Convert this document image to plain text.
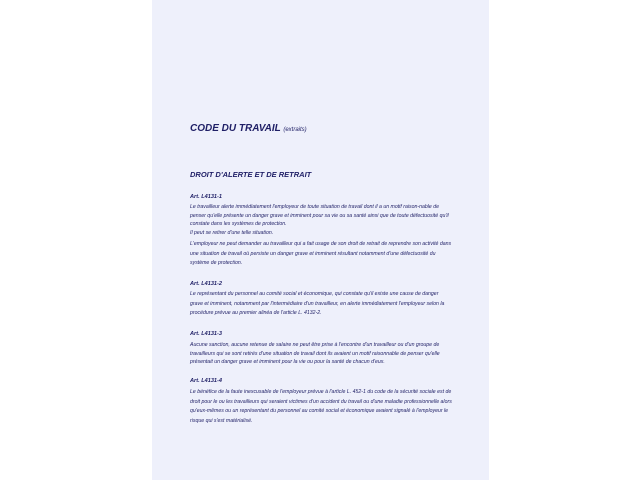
CODE DU TRAVAIL (extraits)
DROIT D'ALERTE ET DE RETRAIT
Art. L4131-1
Le travailleur alerte immédiatement l'employeur de toute situation de travail dont il a un motif raison-nable de penser qu'elle présente un danger grave et imminent pour sa vie ou sa santé ainsi que de toute défectuosité qu'il constate dans les systèmes de protection.
Il peut se retirer d'une telle situation.
L'employeur ne peut demander au travailleur qui a fait usage de son droit de retrait de reprendre son activité dans une situation de travail où persiste un danger grave et imminent résultant notamment d'une défectuosité du système de protection.
Art. L4131-2
Le représentant du personnel au comité social et économique, qui constate qu'il existe une cause de danger grave et imminent, notamment par l'intermédiaire d'un travailleur, en alerte immédiatement l'employeur selon la procédure prévue au premier alinéa de l'article L. 4132-2.
Art. L4131-3
Aucune sanction, aucune retenue de salaire ne peut être prise à l'encontre d'un travailleur ou d'un groupe de travailleurs qui se sont retirés d'une situation de travail dont ils avaient un motif raisonnable de penser qu'elle présentait un danger grave et imminent pour la vie ou pour la santé de chacun d'eux.
Art. L4131-4
Le bénéfice de la faute inexcusable de l'employeur prévue à l'article L. 452-1 du code de la sécurité sociale est de droit pour le ou les travailleurs qui seraient victimes d'un accident du travail ou d'une maladie professionnelle alors qu'eux-mêmes ou un représentant du personnel au comité social et économique avaient signalé à l'employeur le risque qui s'est matérialisé.
